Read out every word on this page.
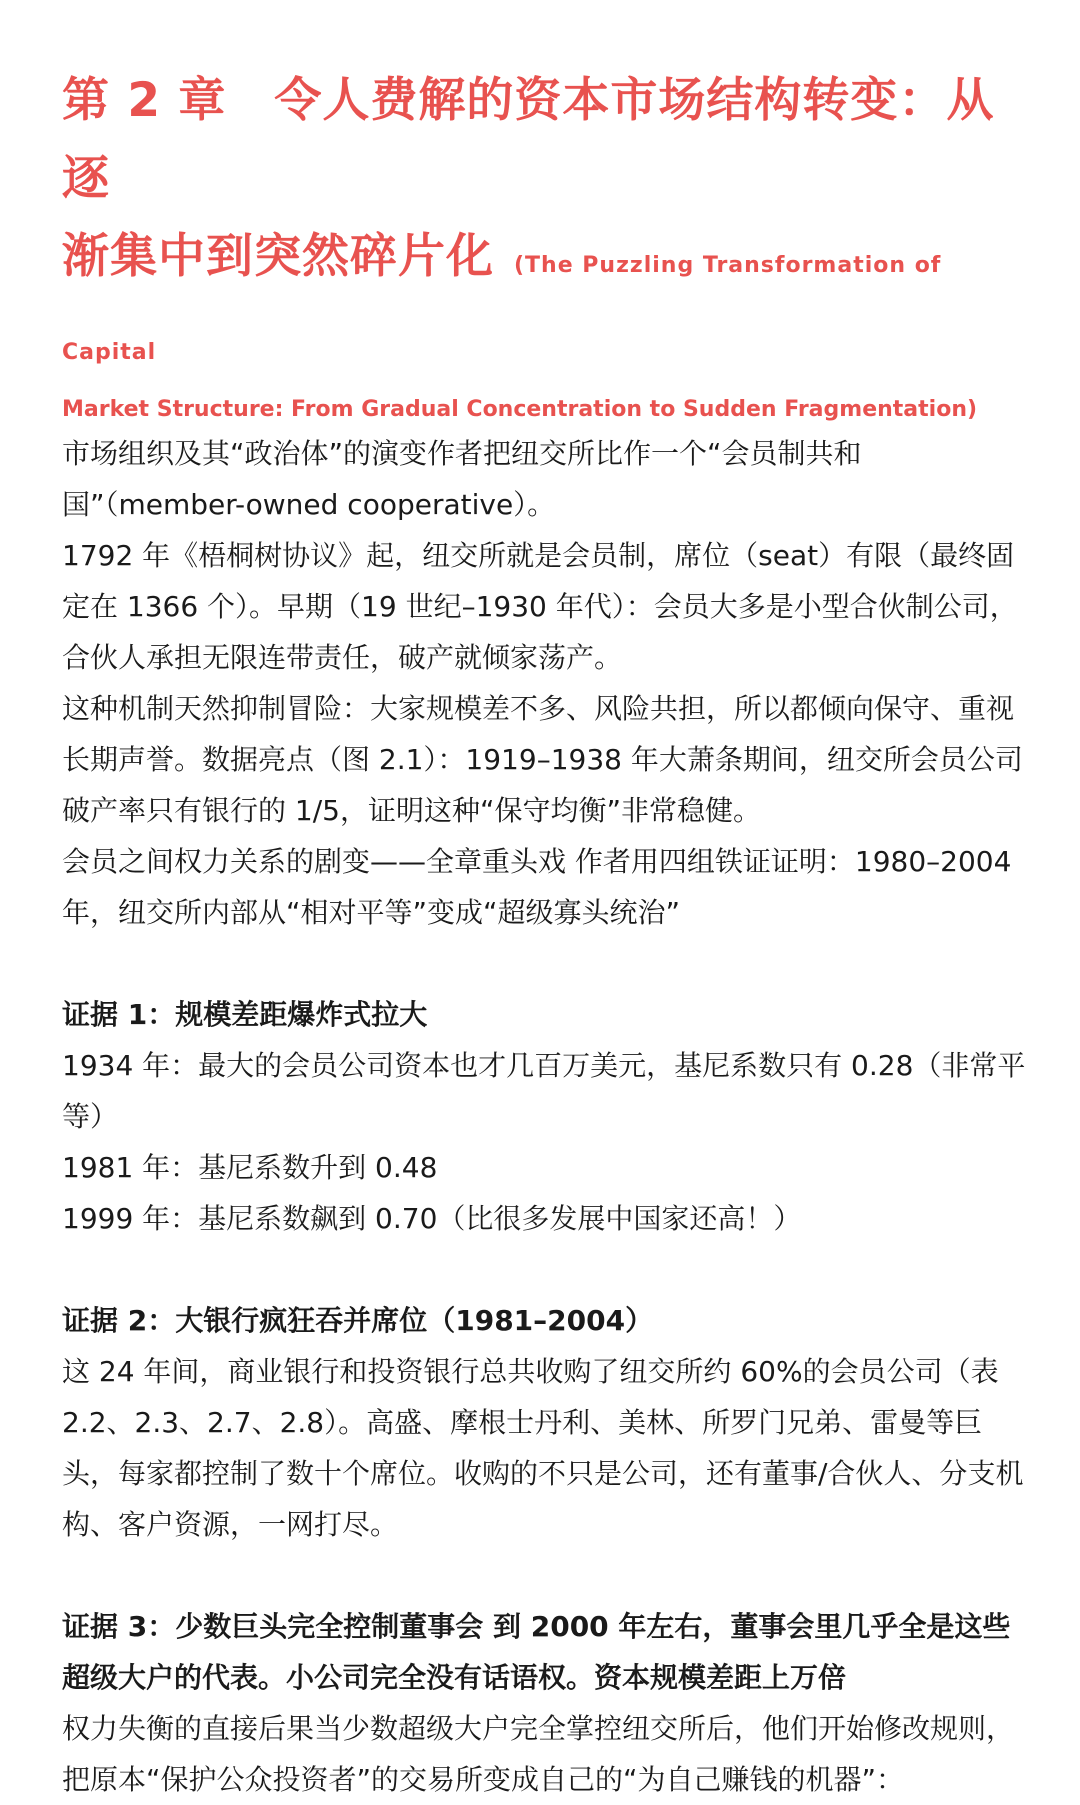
第 2 章　令人费解的资本市场结构转变：从逐
渐集中到突然碎片化 (The Puzzling Transformation of Capital
Market Structure: From Gradual Concentration to Sudden Fragmentation)

市场组织及其“政治体”的演变作者把纽交所比作一个“会员制共和国”（member-owned cooperative）。

1792 年《梧桐树协议》起，纽交所就是会员制，席位（seat）有限（最终固定在 1366 个）。早期（19 世纪–1930 年代）：会员大多是小型合伙制公司，合伙人承担无限连带责任，破产就倾家荡产。

这种机制天然抑制冒险：大家规模差不多、风险共担，所以都倾向保守、重视长期声誉。数据亮点（图 2.1）：1919–1938 年大萧条期间，纽交所会员公司破产率只有银行的 1/5，证明这种“保守均衡”非常稳健。

会员之间权力关系的剧变——全章重头戏 作者用四组铁证证明：1980–2004 年，纽交所内部从“相对平等”变成“超级寡头统治”

证据 1：规模差距爆炸式拉大

1934 年：最大的会员公司资本也才几百万美元，基尼系数只有 0.28（非常平等）

1981 年：基尼系数升到 0.48

1999 年：基尼系数飙到 0.70（比很多发展中国家还高！）

证据 2：大银行疯狂吞并席位（1981–2004）

这 24 年间，商业银行和投资银行总共收购了纽交所约 60%的会员公司（表 2.2、2.3、2.7、2.8）。高盛、摩根士丹利、美林、所罗门兄弟、雷曼等巨头，每家都控制了数十个席位。收购的不只是公司，还有董事/合伙人、分支机构、客户资源，一网打尽。

证据 3：少数巨头完全控制董事会 到 2000 年左右，董事会里几乎全是这些超级大户的代表。小公司完全没有话语权。资本规模差距上万倍

权力失衡的直接后果当少数超级大户完全掌控纽交所后，他们开始修改规则，把原本“保护公众投资者”的交易所变成自己的“为自己赚钱的机器”：
